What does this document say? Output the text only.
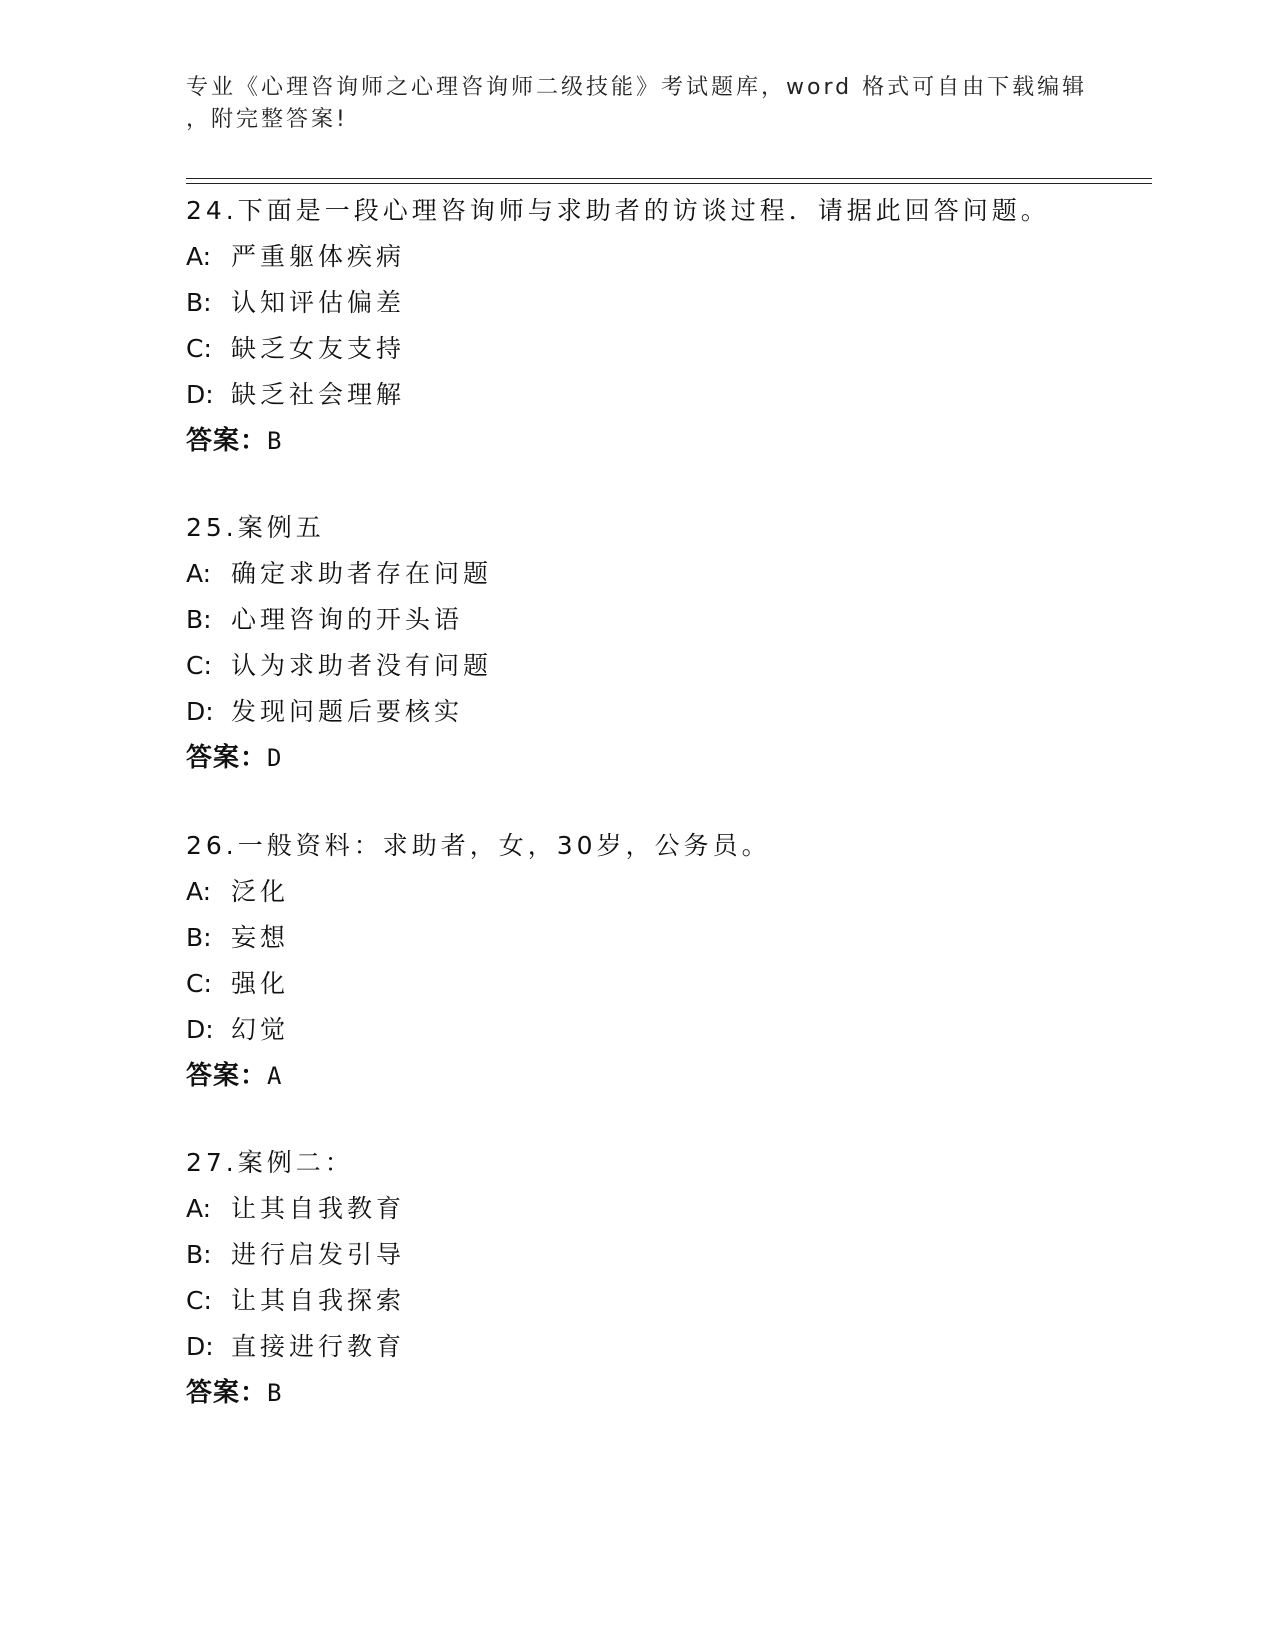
专业《心理咨询师之心理咨询师二级技能》考试题库，word 格式可自由下载编辑
，附完整答案!
24.下面是一段心理咨询师与求助者的访谈过程．请据此回答问题。
A: 严重躯体疾病
B: 认知评估偏差
C: 缺乏女友支持
D: 缺乏社会理解
答案：B
25.案例五
A: 确定求助者存在问题
B: 心理咨询的开头语
C: 认为求助者没有问题
D: 发现问题后要核实
答案：D
26.一般资料：求助者，女，30岁，公务员。
A: 泛化
B: 妄想
C: 强化
D: 幻觉
答案：A
27.案例二：
A: 让其自我教育
B: 进行启发引导
C: 让其自我探索
D: 直接进行教育
答案：B
